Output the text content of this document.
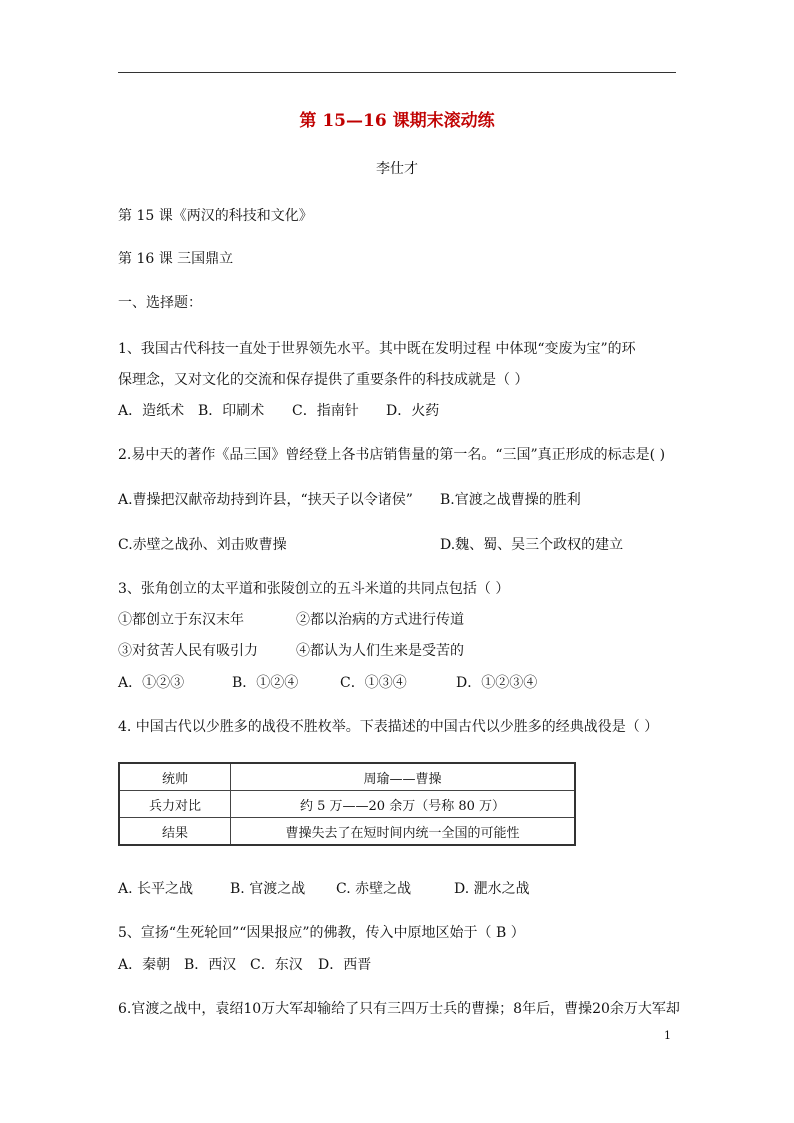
第 15—16 课期末滚动练
李仕才
第 15 课《两汉的科技和文化》
第 16 课 三国鼎立
一、选择题：
1、我国古代科技一直处于世界领先水平。其中既在发明过程 中体现“变废为宝”的环
保理念，又对文化的交流和保存提供了重要条件的科技成就是（ ）
A．造纸术 B．印刷术 C．指南针 D．火药
2.易中天的著作《品三国》曾经登上各书店销售量的第一名。“三国”真正形成的标志是( )
A.曹操把汉献帝劫持到许县，“挟天子以令诸侯” B.官渡之战曹操的胜利
C.赤壁之战孙、刘击败曹操	D.魏、蜀、吴三个政权的建立
3、张角创立的太平道和张陵创立的五斗米道的共同点包括（ ）
①都创立于东汉末年	②都以治病的方式进行传道
③对贫苦人民有吸引力	④都认为人们生来是受苦的
A．①②③	B．①②④	C．①③④	D．①②③④
4. 中国古代以少胜多的战役不胜枚举。下表描述的中国古代以少胜多的经典战役是（ ）
统帅	周瑜——曹操
兵力对比	约 5 万——20 余万（号称 80 万）
结果	曹操失去了在短时间内统一全国的可能性
A. 长平之战	B. 官渡之战 C. 赤壁之战	D. 淝水之战
5、宣扬“生死轮回”“因果报应”的佛教，传入中原地区始于（ B ）
A．秦朝 B．西汉 C．东汉 D．西晋
6.官渡之战中，袁绍10万大军却输给了只有三四万士兵的曹操；8年后，曹操20余万大军却
1
